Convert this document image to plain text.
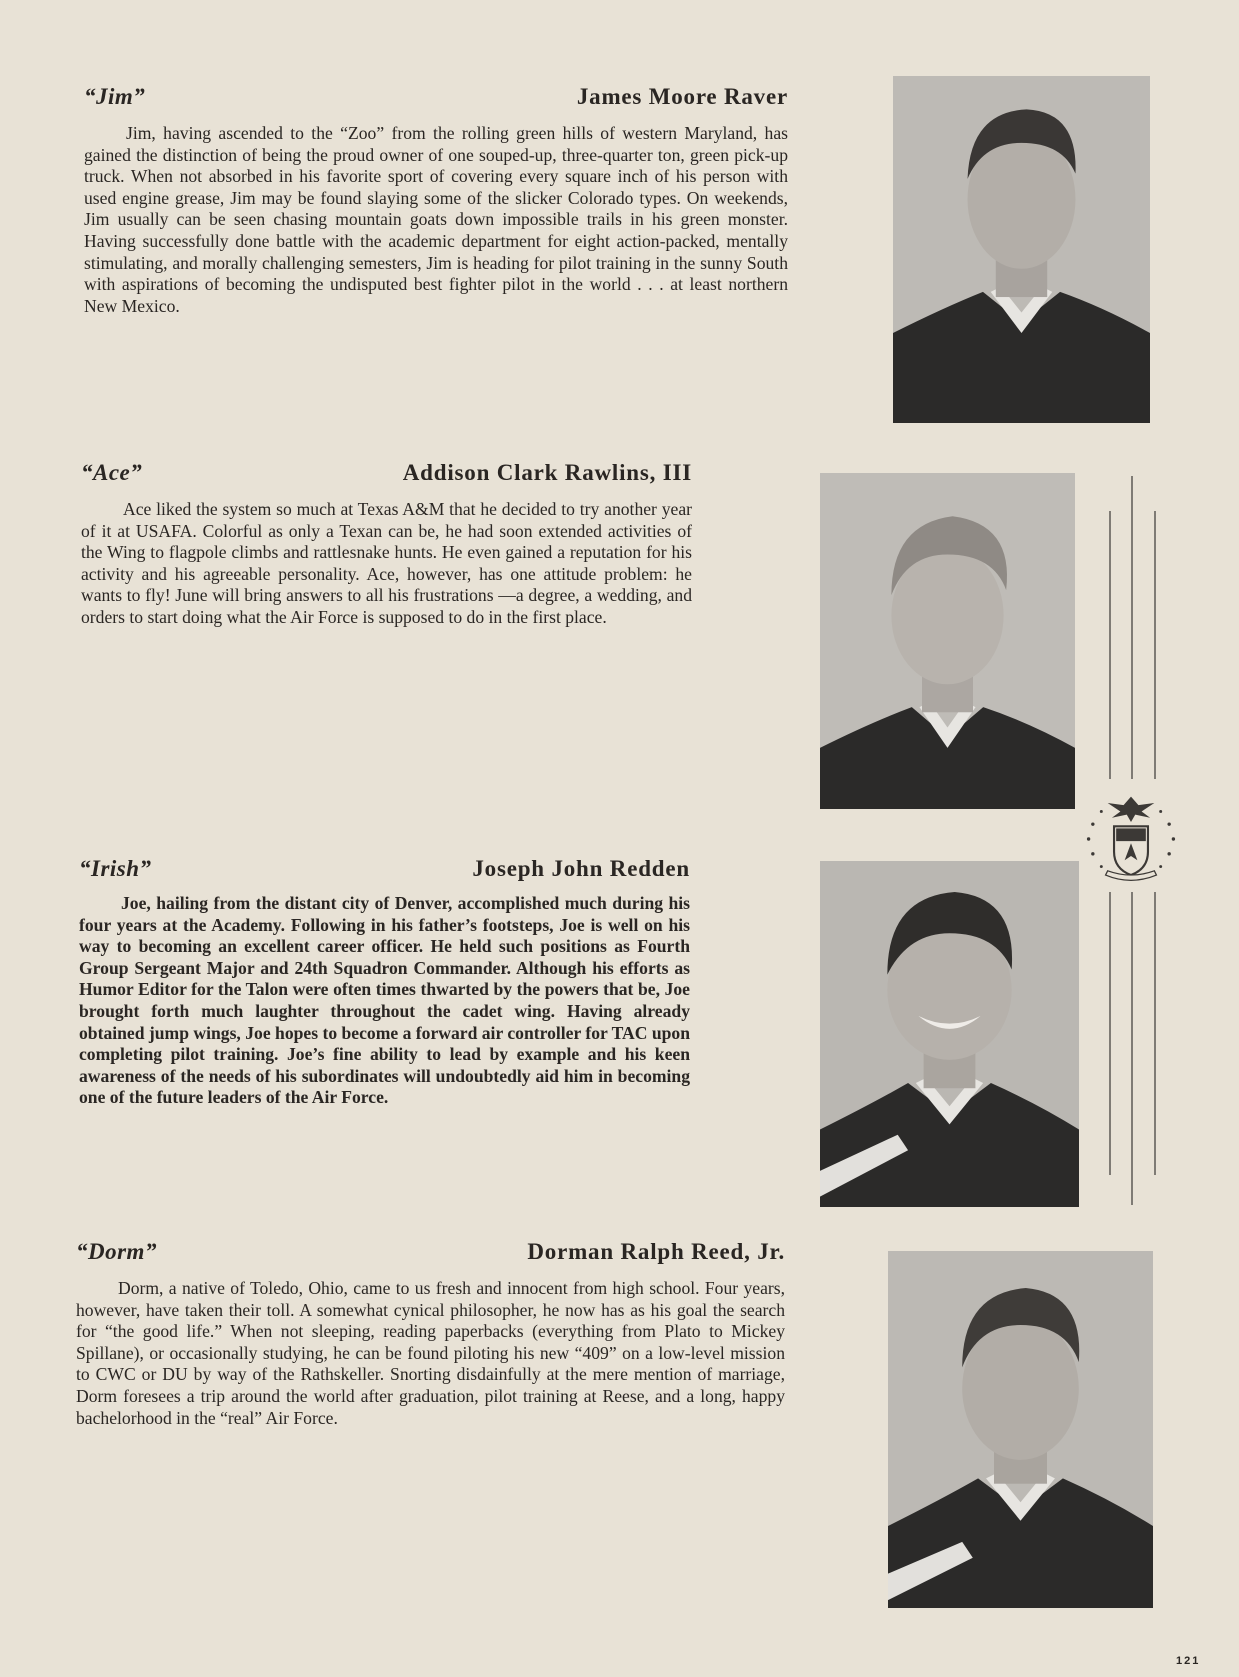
“Jim”	James Moore Raver

Jim, having ascended to the “Zoo” from the rolling green hills of western Maryland, has gained the distinction of being the proud owner of one souped-up, three-quarter ton, green pick-up truck. When not absorbed in his favorite sport of covering every square inch of his person with used engine grease, Jim may be found slaying some of the slicker Colorado types. On weekends, Jim usually can be seen chasing mountain goats down impossible trails in his green monster. Having successfully done battle with the academic department for eight action-packed, mentally stimulating, and morally challenging semesters, Jim is heading for pilot training in the sunny South with aspirations of becoming the undisputed best fighter pilot in the world . . . at least northern New Mexico.

“Ace”	Addison Clark Rawlins, III

Ace liked the system so much at Texas A&M that he decided to try another year of it at USAFA. Colorful as only a Texan can be, he had soon extended activities of the Wing to flagpole climbs and rattlesnake hunts. He even gained a reputation for his activity and his agreeable personality. Ace, however, has one attitude problem: he wants to fly! June will bring answers to all his frustrations —a degree, a wedding, and orders to start doing what the Air Force is supposed to do in the first place.

“Irish”	Joseph John Redden

Joe, hailing from the distant city of Denver, accomplished much during his four years at the Academy. Following in his father’s footsteps, Joe is well on his way to becoming an excellent career officer. He held such positions as Fourth Group Sergeant Major and 24th Squadron Commander. Although his efforts as Humor Editor for the Talon were often times thwarted by the powers that be, Joe brought forth much laughter throughout the cadet wing. Having already obtained jump wings, Joe hopes to become a forward air controller for TAC upon completing pilot training. Joe’s fine ability to lead by example and his keen awareness of the needs of his subordinates will undoubtedly aid him in becoming one of the future leaders of the Air Force.

“Dorm”	Dorman Ralph Reed, Jr.

Dorm, a native of Toledo, Ohio, came to us fresh and innocent from high school. Four years, however, have taken their toll. A somewhat cynical philosopher, he now has as his goal the search for “the good life.” When not sleeping, reading paperbacks (everything from Plato to Mickey Spillane), or occasionally studying, he can be found piloting his new “409” on a low-level mission to CWC or DU by way of the Rathskeller. Snorting disdainfully at the mere mention of marriage, Dorm foresees a trip around the world after graduation, pilot training at Reese, and a long, happy bachelorhood in the “real” Air Force.

121
